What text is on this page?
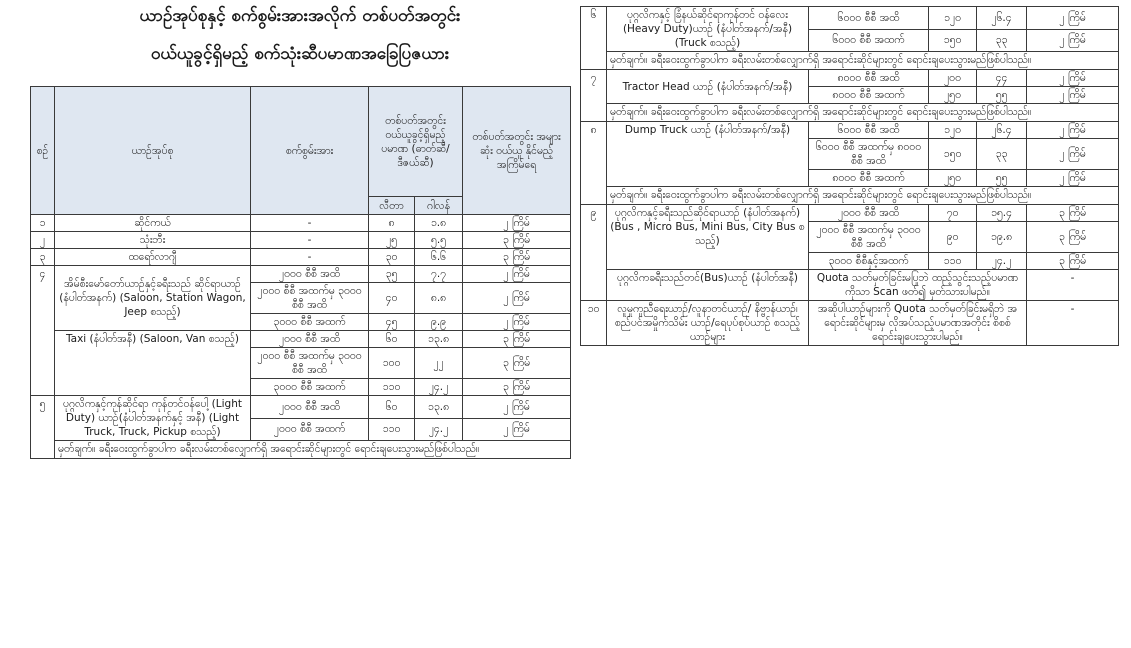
ယာဉ်အုပ်စုနှင့် စက်စွမ်းအားအလိုက် တစ်ပတ်အတွင်း
ဝယ်ယူခွင့်ရှိမည့် စက်သုံးဆီပမာဏအခြေပြဇယား
စဉ်	ယာဉ်အုပ်စု	စက်စွမ်းအား	တစ်ပတ်အတွင်း ဝယ်ယူခွင့်ရှိမည့် ပမာဏ (ဓာတ်ဆီ/ ဒီဇယ်ဆီ)		တစ်ပတ်အတွင်း အများဆုံး ဝယ်ယူ နိုင်မည့် အကြိမ်ရေ
			လီတာ	ဂါလန်	
၁	ဆိုင်ကယ်	-	၈	၁.၈	၂ ကြိမ်
၂	သုံးဘီး	-	၂၅	၅.၅	၃ ကြိမ်
၃	ထရော်လာဂျီ	-	၃၀	၆.၆	၃ ကြိမ်
၄	အိမ်စီးမော်တော်ယာဉ်နှင့်ခရီးသည် ဆိုင်ရာယာဉ် (နံပါတ်အနက်) (Saloon, Station Wagon, Jeep စသည့်)	၂၀၀၀ စီစီ အထိ	၃၅	၇.၇	၂ ကြိမ်
		၂၀၀၀ စီစီ အထက်မှ ၃၀၀၀ စီစီ အထိ	၄၀	၈.၈	၂ ကြိမ်
		၃၀၀၀ စီစီ အထက်	၄၅	၉.၉	၂ ကြိမ်
	Taxi (နံပါတ်အနီ) (Saloon, Van စသည့်)	၂၀၀၀ စီစီ အထိ	၆၀	၁၃.၈	၃ ကြိမ်
		၂၀၀၀ စီစီ အထက်မှ ၃၀၀၀ စီစီ အထိ	၁၀၀	၂၂	၃ ကြိမ်
		၃၀၀၀ စီစီ အထက်	၁၁၀	၂၄.၂	၃ ကြိမ်
၅	ပုဂ္ဂလိကနှင့်ကုန်ဆိုင်ရာ ကုန်တင်ဝန်ပေါ့ (Light Duty) ယာဉ်(နံပါတ်အနက်နှင့် အနီ) (Light Truck, Truck, Pickup စသည့်)	၂၀၀၀ စီစီ အထိ	၆၀	၁၃.၈	၂ ကြိမ်
		၂၀၀၀ စီစီ အထက်	၁၁၀	၂၄.၂	၂ ကြိမ်
	မှတ်ချက်။ ခရီးဝေးထွက်ခွာပါက ခရီးလမ်းတစ်လျှောက်ရှိ အရောင်းဆိုင်များတွင် ရောင်းချပေးသွားမည်ဖြစ်ပါသည်။				
၆	ပုဂ္ဂလိကနှင့် ခြံနယ်ဆိုင်ရာကုန်တင် ဝန်လေး (Heavy Duty)ယာဉ် (နံပါတ်အနက်/အနီ)(Truck စသည့်)	၆၀၀၀ စီစီ အထိ	၁၂၀	၂၆.၄	၂ ကြိမ်
		၆၀၀၀ စီစီ အထက်	၁၅၀	၃၃	၂ ကြိမ်
	မှတ်ချက်။ ခရီးဝေးထွက်ခွာပါက ခရီးလမ်းတစ်လျှောက်ရှိ အရောင်းဆိုင်များတွင် ရောင်းချပေးသွားမည်ဖြစ်ပါသည်။				
၇	Tractor Head ယာဉ် (နံပါတ်အနက်/အနီ)	၈၀၀၀ စီစီ အထိ	၂၀၀	၄၄	၂ ကြိမ်
		၈၀၀၀ စီစီ အထက်	၂၅၀	၅၅	၂ ကြိမ်
	မှတ်ချက်။ ခရီးဝေးထွက်ခွာပါက ခရီးလမ်းတစ်လျှောက်ရှိ အရောင်းဆိုင်များတွင် ရောင်းချပေးသွားမည်ဖြစ်ပါသည်။				
၈	Dump Truck ယာဉ် (နံပါတ်အနက်/အနီ)	၆၀၀၀ စီစီ အထိ	၁၂၀	၂၆.၄	၂ ကြိမ်
		၆၀၀၀ စီစီ အထက်မှ ၈၀၀၀ စီစီ အထိ	၁၅၀	၃၃	၂ ကြိမ်
		၈၀၀၀ စီစီ အထက်	၂၅၀	၅၅	၂ ကြိမ်
	မှတ်ချက်။ ခရီးဝေးထွက်ခွာပါက ခရီးလမ်းတစ်လျှောက်ရှိ အရောင်းဆိုင်များတွင် ရောင်းချပေးသွားမည်ဖြစ်ပါသည်။				
၉	ပုဂ္ဂလိကနှင့်ခရီးသည်ဆိုင်ရာယာဉ် (နံပါတ်အနက်)(Bus , Micro Bus, Mini Bus, City Bus စသည့်)	၂၀၀၀ စီစီ အထိ	၇၀	၁၅.၄	၃ ကြိမ်
		၂၀၀၀ စီစီ အထက်မှ ၃၀၀၀ စီစီ အထိ	၉၀	၁၉.၈	၃ ကြိမ်
		၃၀၀၀ စီစီနှင့်အထက်	၁၁၀	၂၄.၂	၃ ကြိမ်
	ပုဂ္ဂလိကခရီးသည်တင်(Bus)ယာဉ် (နံပါတ်အနီ)	Quota သတ်မှတ်ခြင်းမပြုဘဲ ထည့်သွင်းသည့်ပမာဏကိုသာ Scan ဖတ်၍ မှတ်သားပါမည်။			-
၁၀	လူမှုကူညီရေးယာဉ်/လူနာတင်ယာဉ်/ နိဗ္ဗာန်ယာဉ်၊ စည်ပင်အမှိုက်သိမ်း ယာဉ်/ရေပုပ်စုပ်ယာဉ် စသည့် ယာဉ်များ	အဆိုပါယာဉ်များကို Quota သတ်မှတ်ခြင်းမရှိဘဲ အရောင်းဆိုင်များမှ လိုအပ်သည့်ပမာဏအတိုင်း စိစစ်ရောင်းချပေးသွားပါမည်။			-
